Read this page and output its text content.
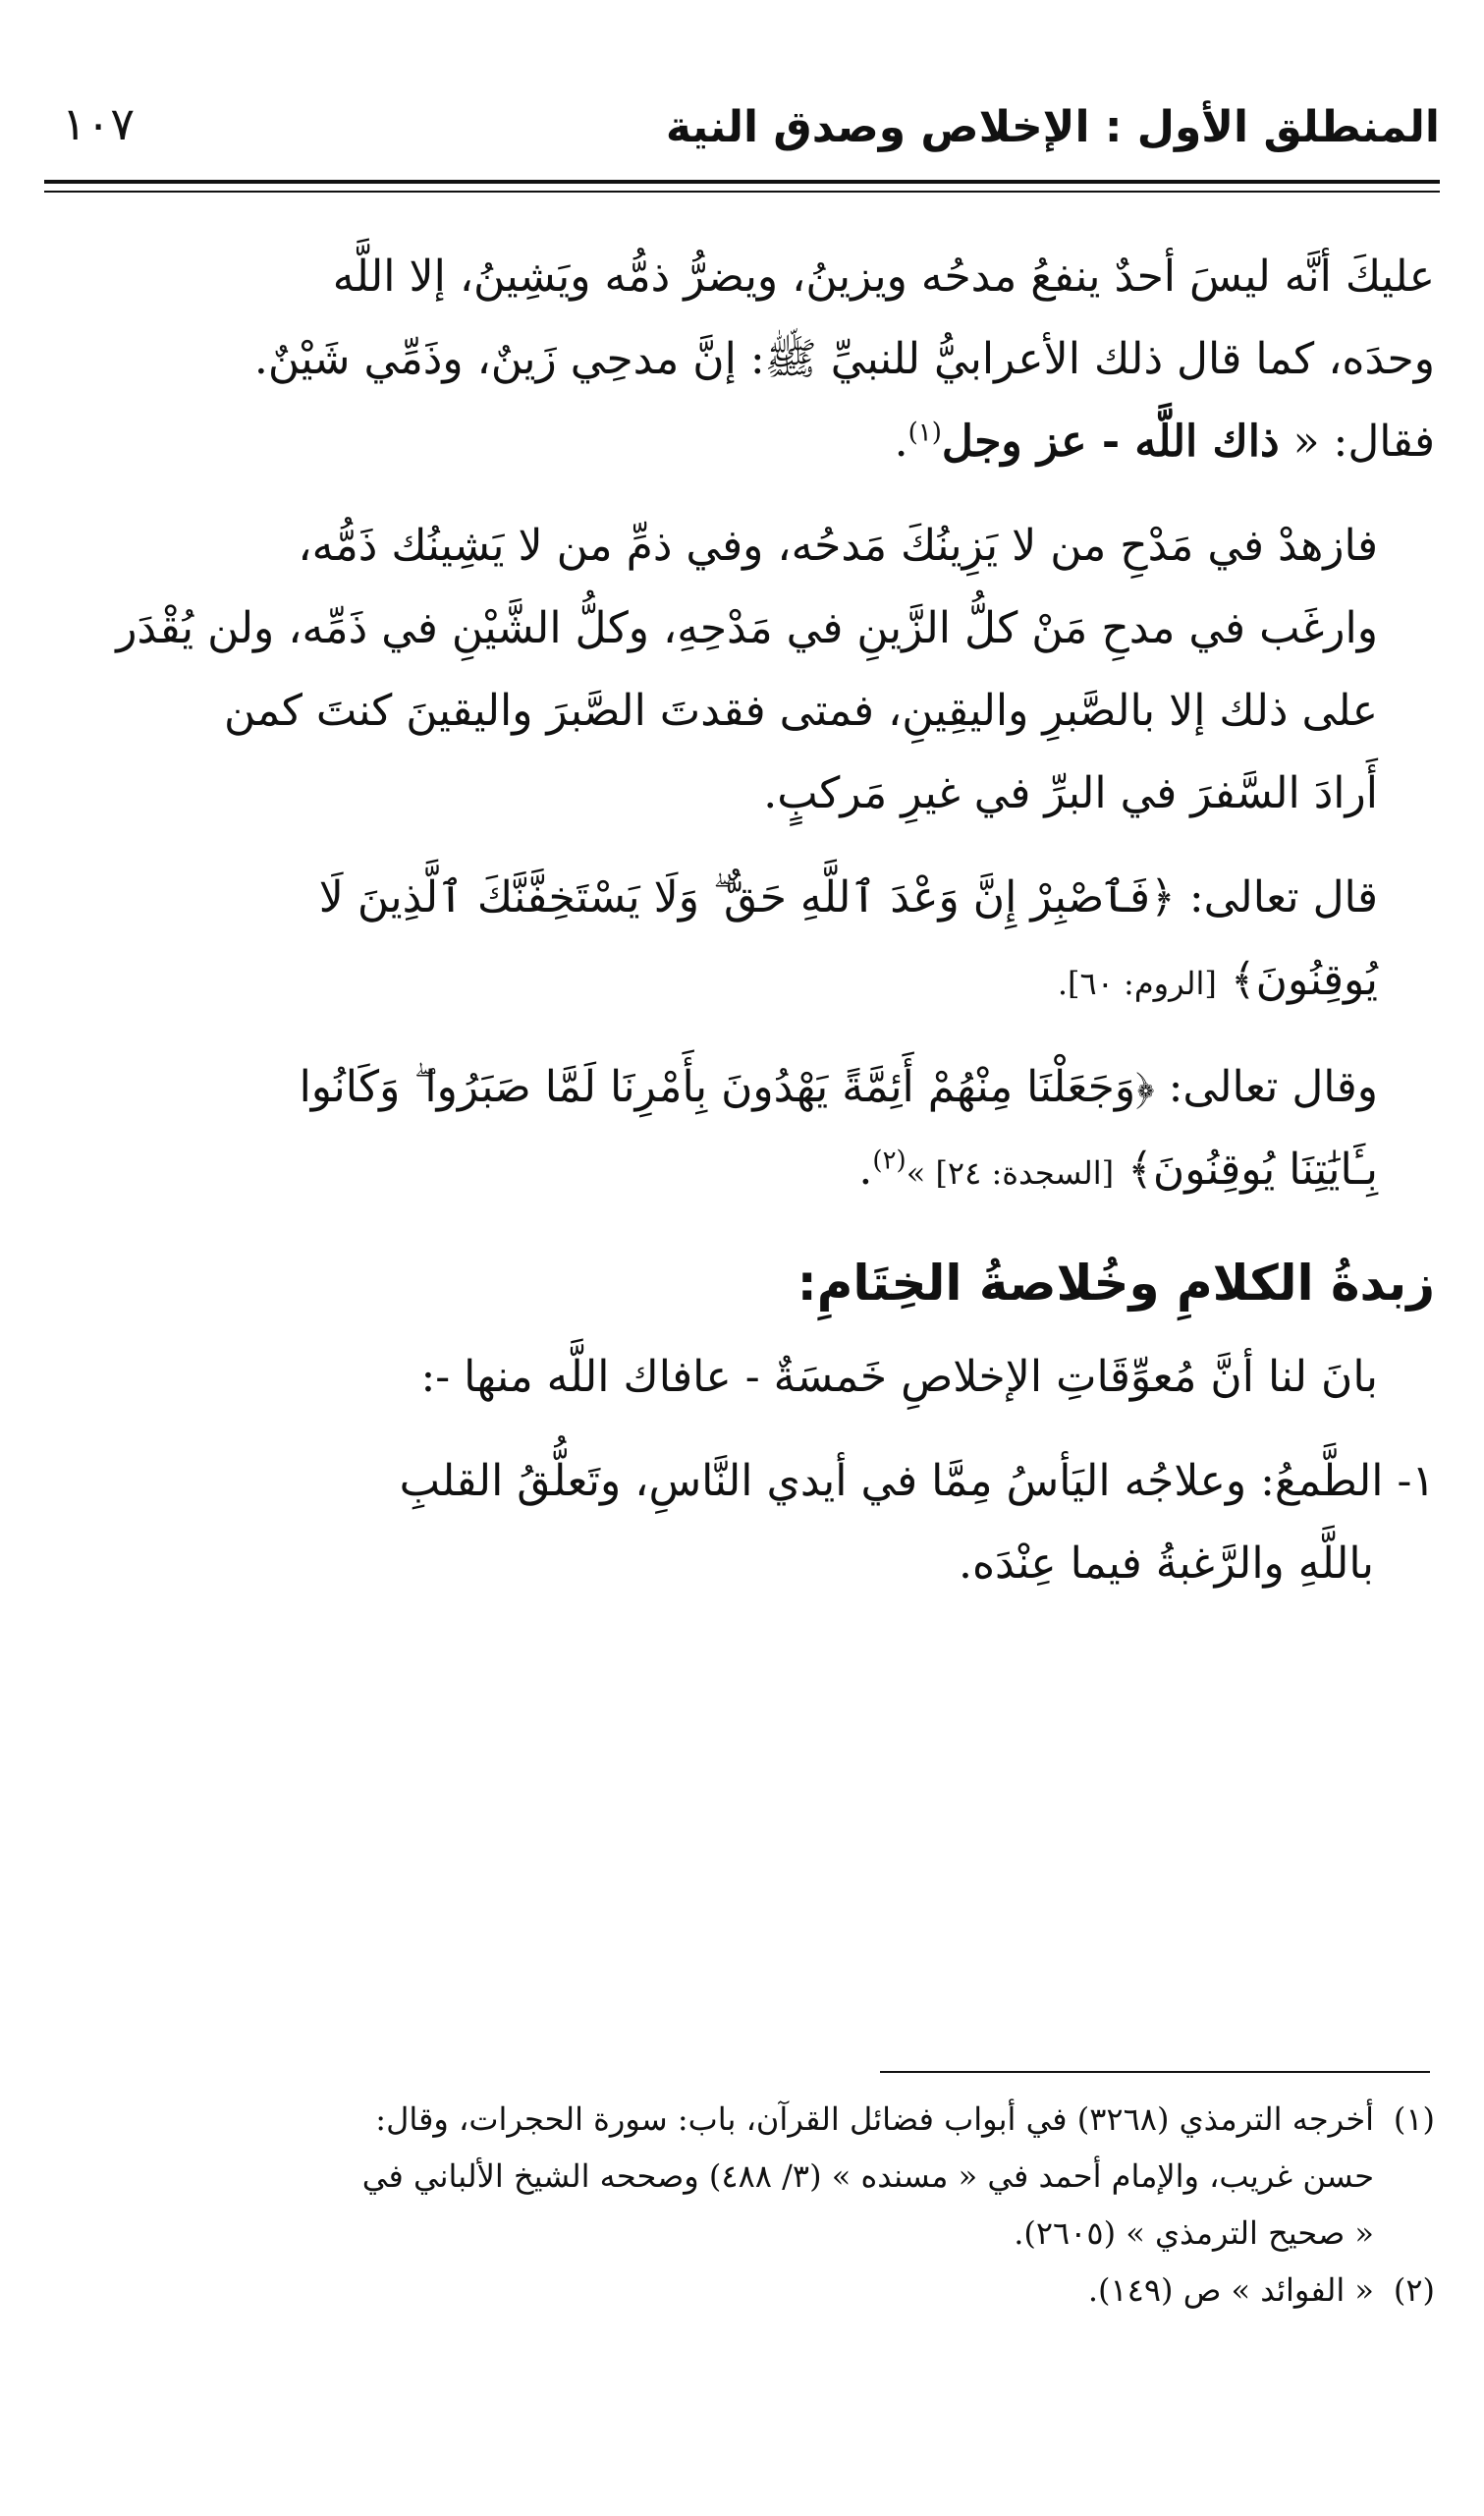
المنطلق الأول : الإخلاص وصدق النية
١٠٧

عليكَ أنَّه ليسَ أحدٌ ينفعُ مدحُه ويزينُ، ويضرُّ ذمُّه ويَشِينُ، إلا اللَّه
وحدَه، كما قال ذلك الأعرابيُّ للنبيِّ ﷺ: إنَّ مدحِي زَينٌ، وذَمِّي شَيْنٌ.
فقال: « ذاك اللَّه - عز وجل$^{(١)}$.

فازهدْ في مَدْحِ من لا يَزِينُكَ مَدحُه، وفي ذمِّ من لا يَشِينُك ذَمُّه،
وارغَب في مدحِ مَنْ كلُّ الزَّينِ في مَدْحِهِ، وكلُّ الشَّيْنِ في ذَمِّه، ولن يُقْدَر
على ذلك إلا بالصَّبرِ واليقِينِ، فمتى فقدتَ الصَّبرَ واليقينَ كنتَ كمن
أَرادَ السَّفرَ في البرِّ في غيرِ مَركبٍ.

قال تعالى: ﴿فَٱصْبِرْ إِنَّ وَعْدَ ٱللَّهِ حَقٌّ ۖ وَلَا يَسْتَخِفَّنَّكَ ٱلَّذِينَ لَا
يُوقِنُونَ﴾ [الروم: ٦٠].

وقال تعالى: ﴿وَجَعَلْنَا مِنْهُمْ أَئِمَّةً يَهْدُونَ بِأَمْرِنَا لَمَّا صَبَرُوا ۖ وَكَانُوا
بِـَٔايَٰتِنَا يُوقِنُونَ﴾ [السجدة: ٢٤] »$^{(٢)}$.

زبدةُ الكلامِ وخُلاصةُ الخِتَامِ:

بانَ لنا أنَّ مُعوِّقَاتِ الإخلاصِ خَمسَةٌ - عافاك اللَّه منها -:

١- الطَّمعُ: وعلاجُه اليَأسُ مِمَّا في أيدي النَّاسِ، وتَعلُّقُ القلبِ
باللَّهِ والرَّغبةُ فيما عِنْدَه.

(١)أخرجه الترمذي (٣٢٦٨) في أبواب فضائل القرآن، باب: سورة الحجرات، وقال:
حسن غريب، والإمام أحمد في « مسنده » (٣/ ٤٨٨) وصححه الشيخ الألباني في
« صحيح الترمذي » (٢٦٠٥).

(٢)« الفوائد » ص (١٤٩).
